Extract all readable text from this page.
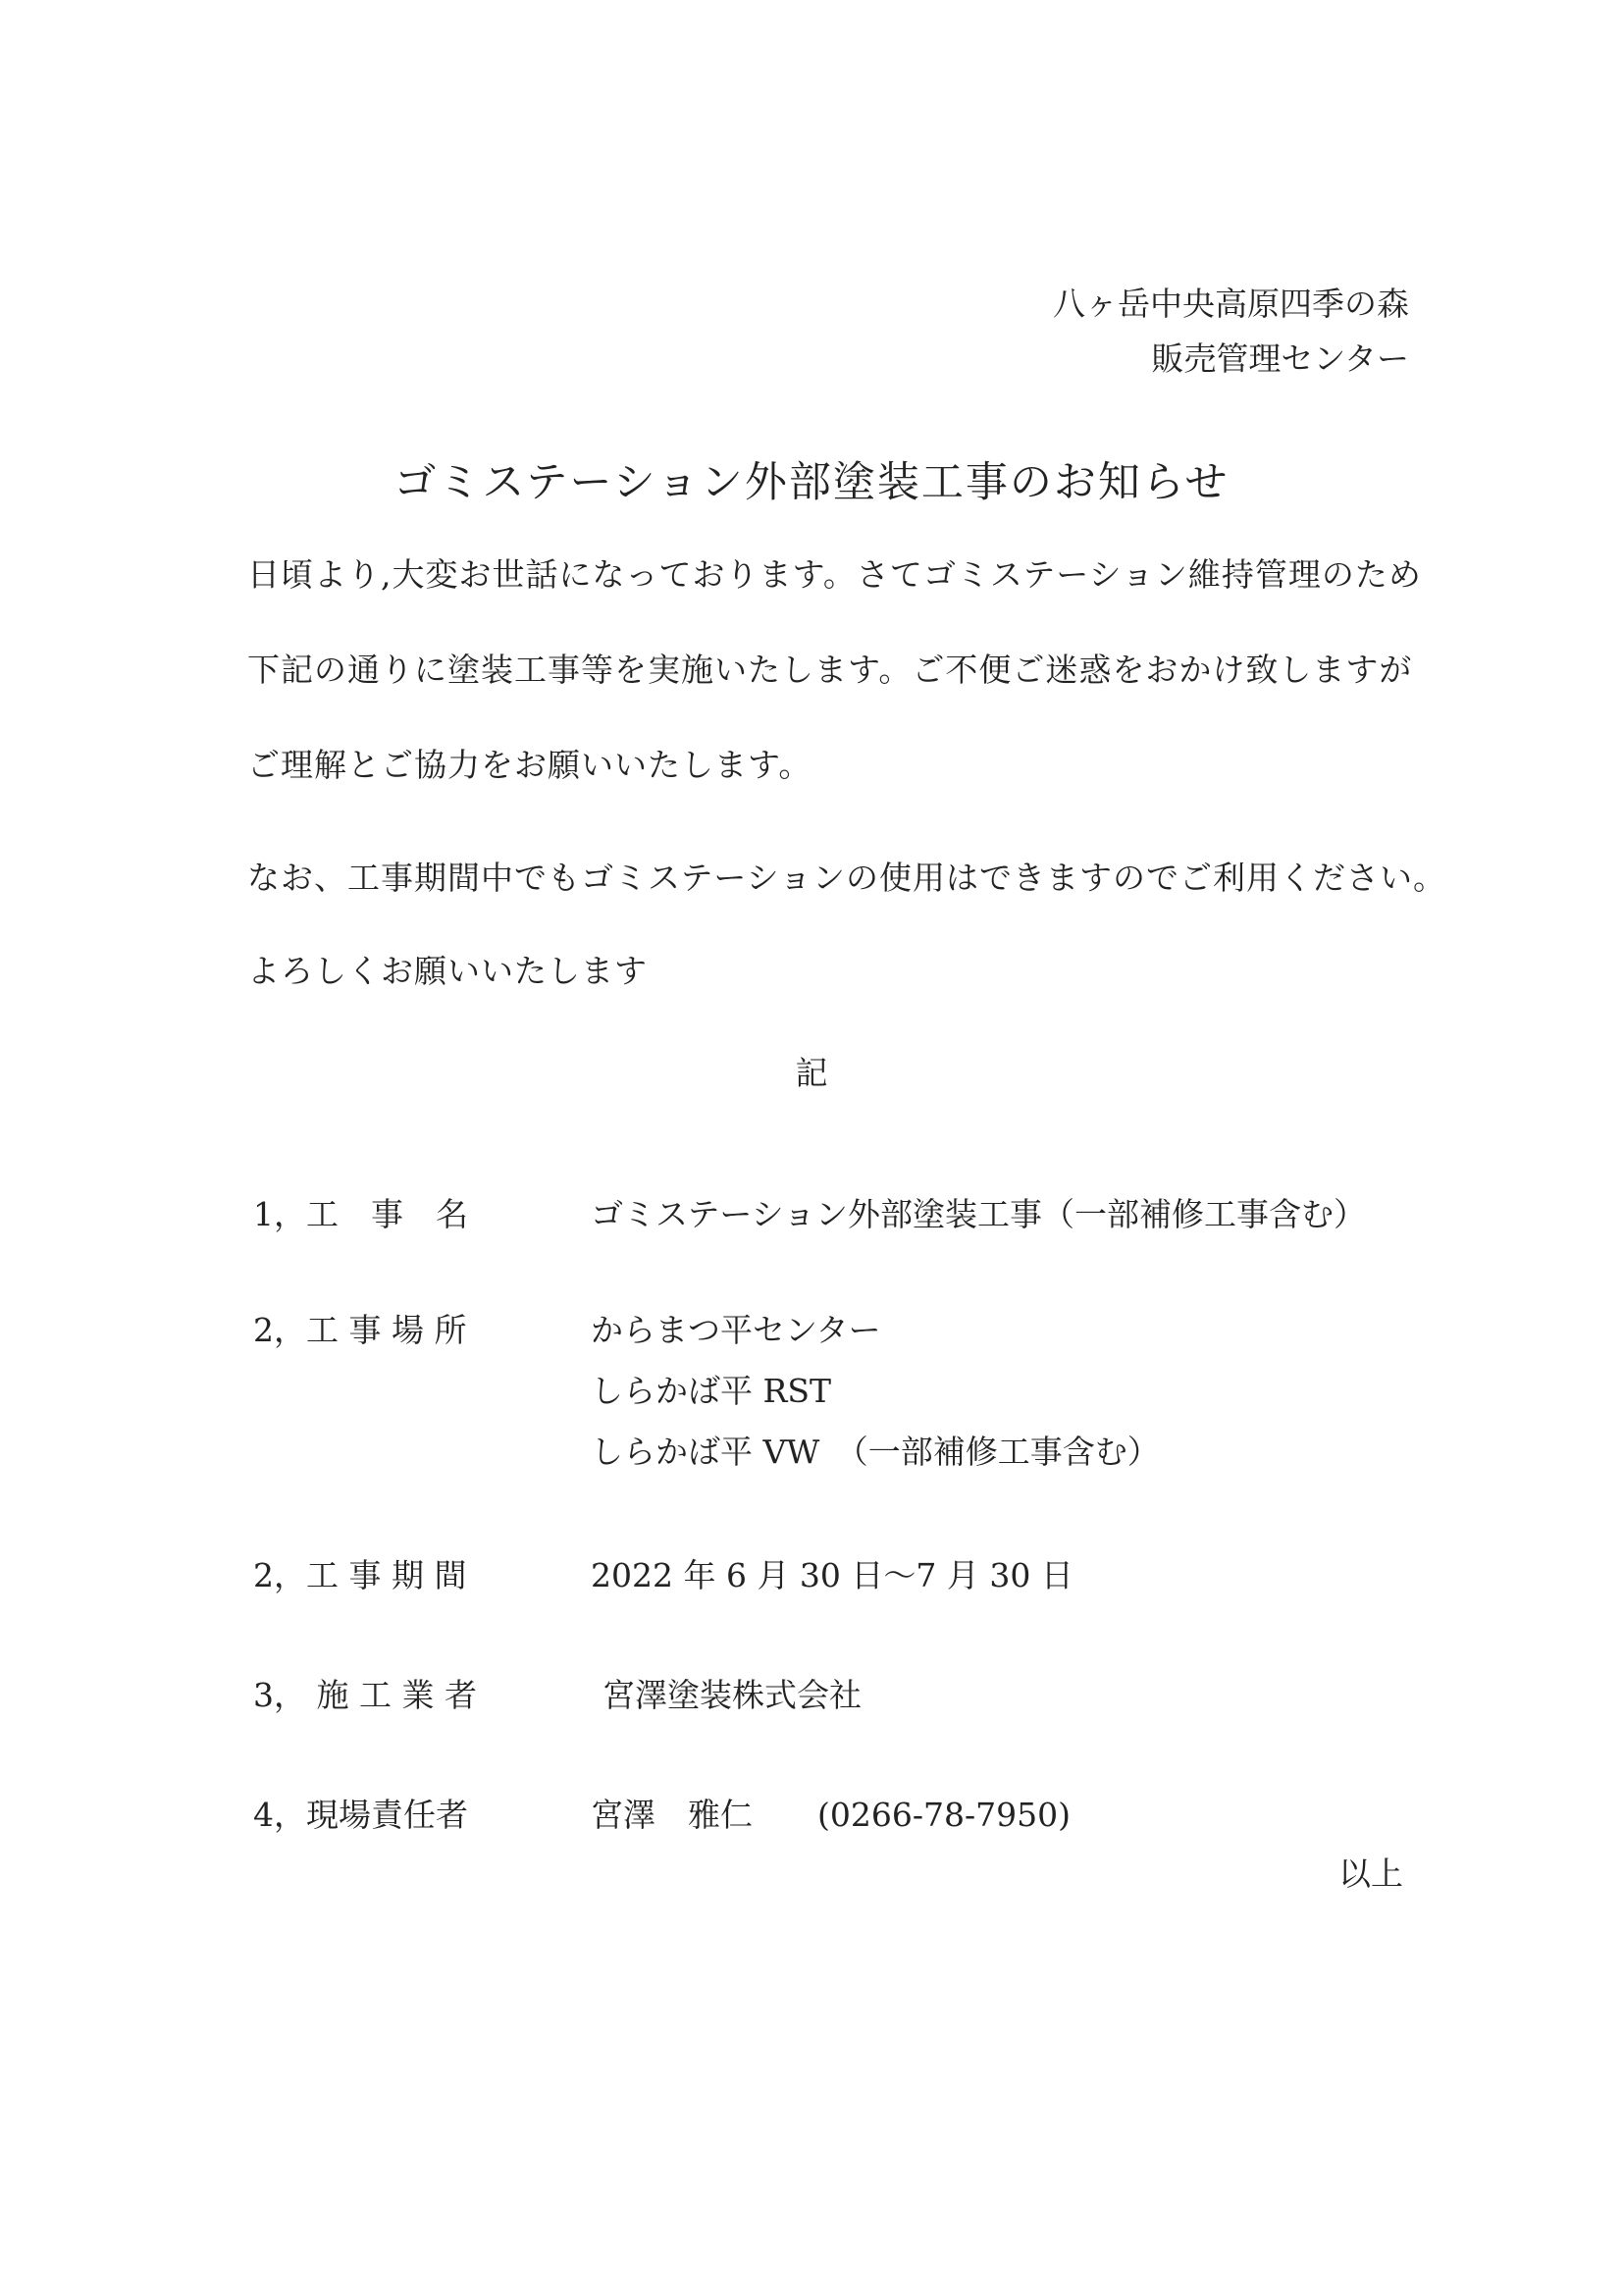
八ヶ岳中央高原四季の森
販売管理センター
ゴミステーション外部塗装工事のお知らせ
日頃より,大変お世話になっております。さてゴミステーション維持管理のため
下記の通りに塗装工事等を実施いたします。ご不便ご迷惑をおかけ致しますが
ご理解とご協力をお願いいたします。
なお、工事期間中でもゴミステーションの使用はできますのでご利用ください。
よろしくお願いいたします
記
1，工　事　名	ゴミステーション外部塗装工事（一部補修工事含む）
2，工 事 場 所	からまつ平センター
しらかば平 RST
しらかば平 VW　（一部補修工事含む）
2，工 事 期 間	2022 年 6 月 30 日～7 月 30 日
3， 施 工 業 者	宮澤塗装株式会社
4，現場責任者	宮澤　雅仁　　(0266-78-7950)
以上
